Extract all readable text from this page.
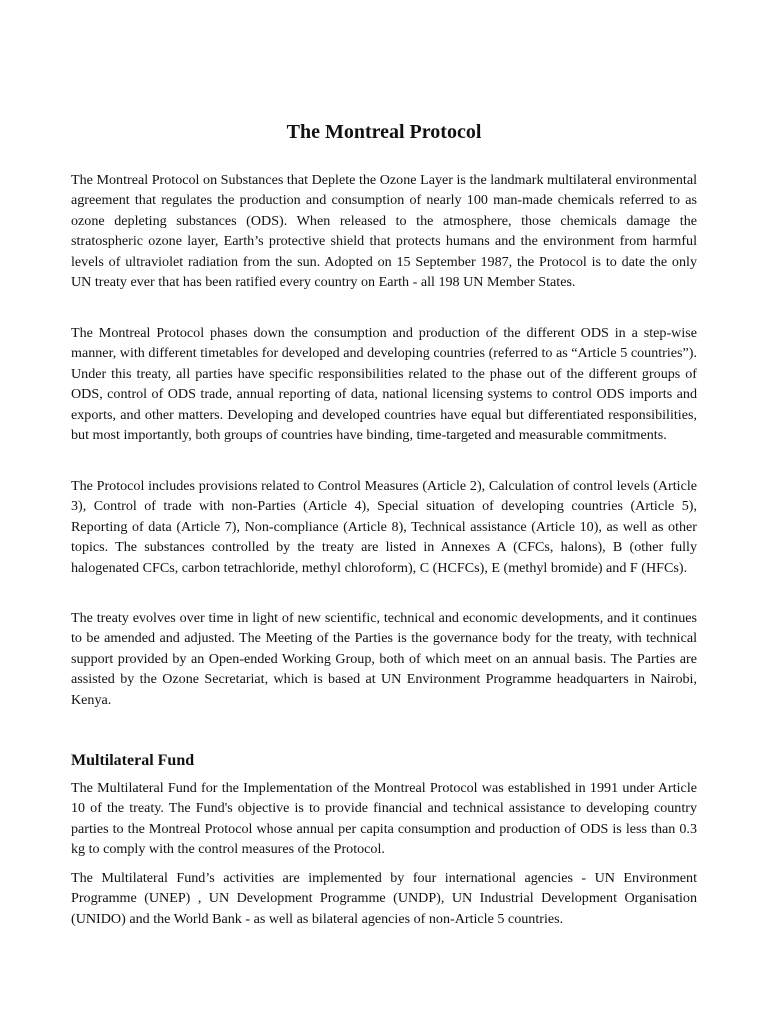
The Montreal Protocol

The Montreal Protocol on Substances that Deplete the Ozone Layer is the landmark multilateral environmental agreement that regulates the production and consumption of nearly 100 man-made chemicals referred to as ozone depleting substances (ODS). When released to the atmosphere, those chemicals damage the stratospheric ozone layer, Earth’s protective shield that protects humans and the environment from harmful levels of ultraviolet radiation from the sun. Adopted on 15 September 1987, the Protocol is to date the only UN treaty ever that has been ratified every country on Earth - all 198 UN Member States.

The Montreal Protocol phases down the consumption and production of the different ODS in a step-wise manner, with different timetables for developed and developing countries (referred to as “Article 5 countries”). Under this treaty, all parties have specific responsibilities related to the phase out of the different groups of ODS, control of ODS trade, annual reporting of data, national licensing systems to control ODS imports and exports, and other matters. Developing and developed countries have equal but differentiated responsibilities, but most importantly, both groups of countries have binding, time-targeted and measurable commitments.

The Protocol includes provisions related to Control Measures (Article 2), Calculation of control levels (Article 3), Control of trade with non-Parties (Article 4), Special situation of developing countries (Article 5), Reporting of data (Article 7), Non-compliance (Article 8), Technical assistance (Article 10), as well as other topics. The substances controlled by the treaty are listed in Annexes A (CFCs, halons), B (other fully halogenated CFCs, carbon tetrachloride, methyl chloroform), C (HCFCs), E (methyl bromide) and F (HFCs).

The treaty evolves over time in light of new scientific, technical and economic developments, and it continues to be amended and adjusted. The Meeting of the Parties is the governance body for the treaty, with technical support provided by an Open-ended Working Group, both of which meet on an annual basis. The Parties are assisted by the Ozone Secretariat, which is based at UN Environment Programme headquarters in Nairobi, Kenya.

Multilateral Fund

The Multilateral Fund for the Implementation of the Montreal Protocol was established in 1991 under Article 10 of the treaty. The Fund's objective is to provide financial and technical assistance to developing country parties to the Montreal Protocol whose annual per capita consumption and production of ODS is less than 0.3 kg to comply with the control measures of the Protocol.

The Multilateral Fund’s activities are implemented by four international agencies - UN Environment Programme (UNEP) , UN Development Programme (UNDP), UN Industrial Development Organisation (UNIDO) and the World Bank - as well as bilateral agencies of non-Article 5 countries.
